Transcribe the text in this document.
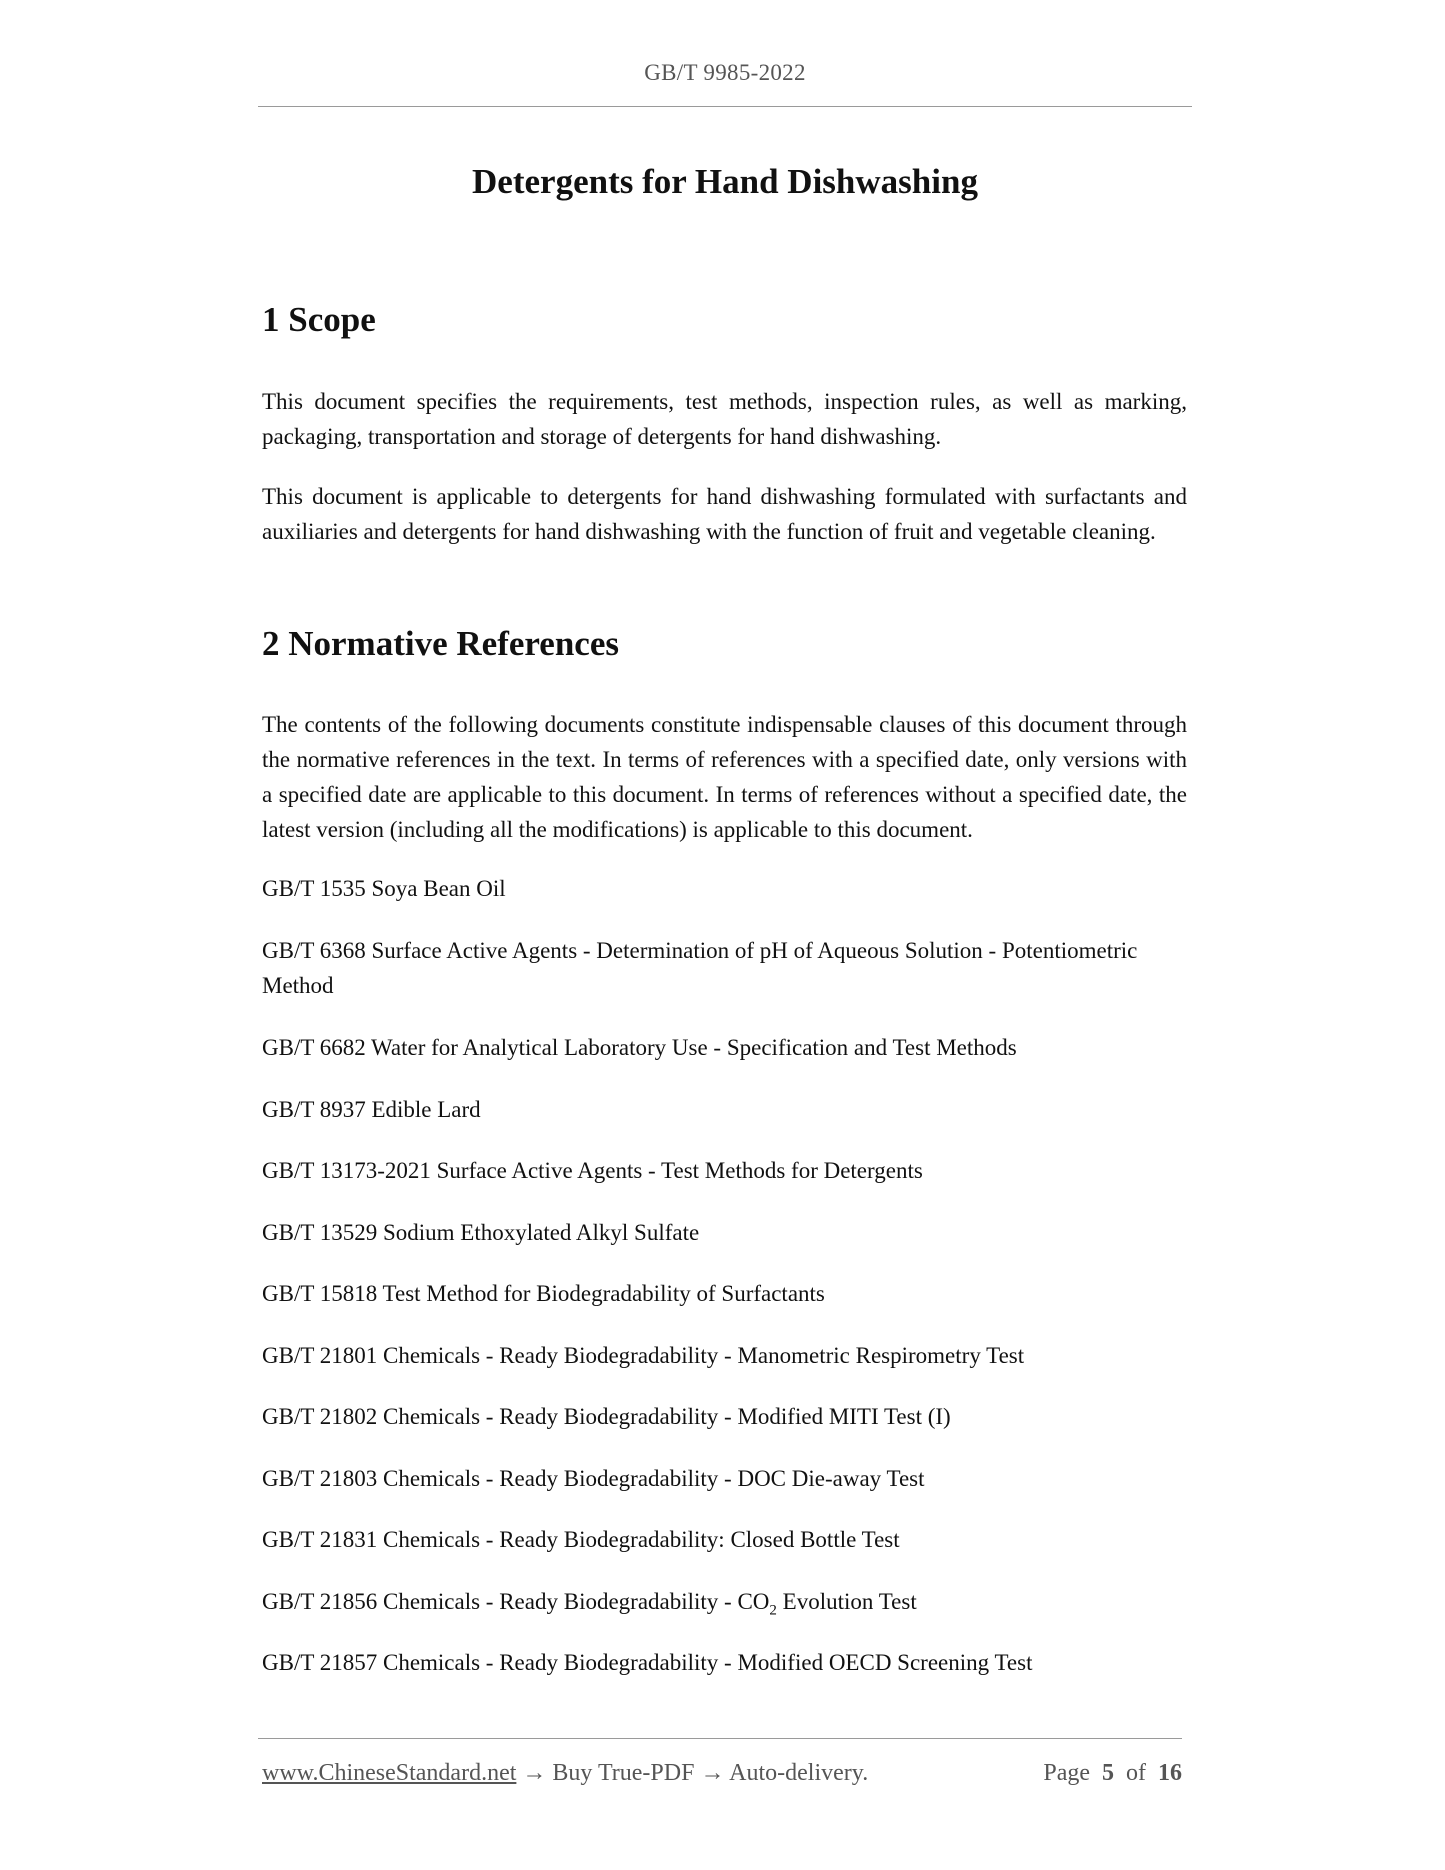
GB/T 9985-2022
Detergents for Hand Dishwashing
1 Scope

This document specifies the requirements, test methods, inspection rules, as well as marking, packaging, transportation and storage of detergents for hand dishwashing.

This document is applicable to detergents for hand dishwashing formulated with surfactants and auxiliaries and detergents for hand dishwashing with the function of fruit and vegetable cleaning.

2 Normative References

The contents of the following documents constitute indispensable clauses of this document through the normative references in the text. In terms of references with a specified date, only versions with a specified date are applicable to this document. In terms of references without a specified date, the latest version (including all the modifications) is applicable to this document.

GB/T 1535 Soya Bean Oil
GB/T 6368 Surface Active Agents - Determination of pH of Aqueous Solution - Potentiometric Method
GB/T 6682 Water for Analytical Laboratory Use - Specification and Test Methods
GB/T 8937 Edible Lard
GB/T 13173-2021 Surface Active Agents - Test Methods for Detergents
GB/T 13529 Sodium Ethoxylated Alkyl Sulfate
GB/T 15818 Test Method for Biodegradability of Surfactants
GB/T 21801 Chemicals - Ready Biodegradability - Manometric Respirometry Test
GB/T 21802 Chemicals - Ready Biodegradability - Modified MITI Test (I)
GB/T 21803 Chemicals - Ready Biodegradability - DOC Die-away Test
GB/T 21831 Chemicals - Ready Biodegradability: Closed Bottle Test
GB/T 21856 Chemicals - Ready Biodegradability - $CO_2$ Evolution Test
GB/T 21857 Chemicals - Ready Biodegradability - Modified OECD Screening Test
www.ChineseStandard.net → Buy True-PDF → Auto-delivery.	Page 5 of 16
